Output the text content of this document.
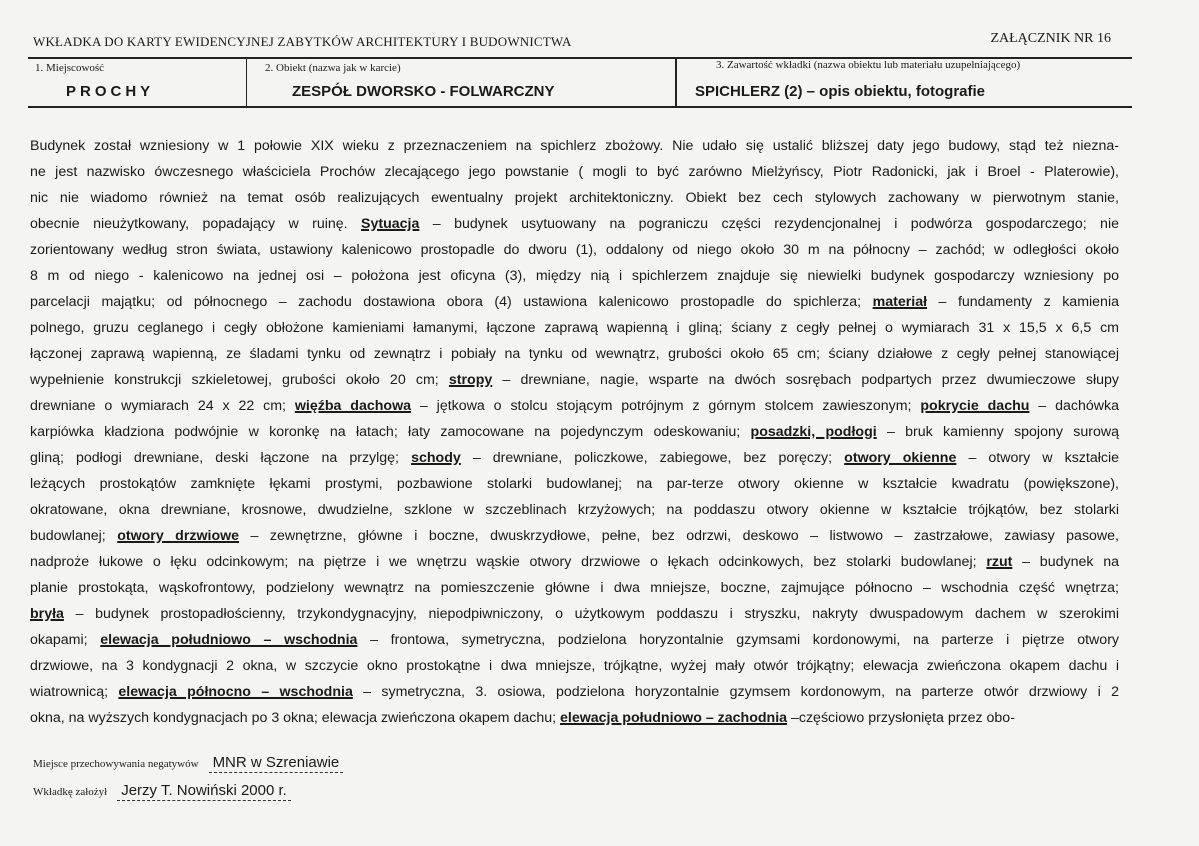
WKŁADKA DO KARTY EWIDENCYJNEJ ZABYTKÓW ARCHITEKTURY I BUDOWNICTWA	ZAŁĄCZNIK NR 16
1. Miejscowość
PROCHY
2. Obiekt (nazwa jak w karcie)
ZESPÓŁ DWORSKO - FOLWARCZNY
3. Zawartość wkładki (nazwa obiektu lub materiału uzupełniającego)
SPICHLERZ (2) – opis obiektu, fotografie
Budynek został wzniesiony w 1 połowie XIX wieku z przeznaczeniem na spichlerz zbożowy. Nie udało się ustalić bliższej daty jego budowy, stąd też niezna-
ne jest nazwisko ówczesnego właściciela Prochów zlecającego jego powstanie ( mogli to być zarówno Mielżyńscy, Piotr Radonicki, jak i Broel - Platerowie),
nic nie wiadomo również na temat osób realizujących ewentualny projekt architektoniczny. Obiekt bez cech stylowych zachowany w pierwotnym stanie,
obecnie nieużytkowany, popadający w ruinę. Sytuacja – budynek usytuowany na pograniczu części rezydencjonalnej i podwórza gospodarczego; nie
zorientowany według stron świata, ustawiony kalenicowo prostopadle do dworu (1), oddalony od niego około 30 m na północny – zachód; w odległości około
8 m od niego - kalenicowo na jednej osi – położona jest oficyna (3), między nią i spichlerzem znajduje się niewielki budynek gospodarczy wzniesiony po
parcelacji majątku; od północnego – zachodu dostawiona obora (4) ustawiona kalenicowo prostopadle do spichlerza; materiał – fundamenty z kamienia
polnego, gruzu ceglanego i cegły obłożone kamieniami łamanymi, łączone zaprawą wapienną i gliną; ściany z cegły pełnej o wymiarach 31 x 15,5 x 6,5 cm
łączonej zaprawą wapienną, ze śladami tynku od zewnątrz i pobiały na tynku od wewnątrz, grubości około 65 cm; ściany działowe z cegły pełnej stanowiącej
wypełnienie konstrukcji szkieletowej, grubości około 20 cm; stropy – drewniane, nagie, wsparte na dwóch sosrębach podpartych przez dwumieczowe słupy
drewniane o wymiarach 24 x 22 cm; więźba dachowa – jętkowa o stolcu stojącym potrójnym z górnym stolcem zawieszonym; pokrycie dachu – dachówka
karpiówka kładziona podwójnie w koronkę na łatach; łaty zamocowane na pojedynczym odeskowaniu; posadzki, podłogi – bruk kamienny spojony surową
gliną; podłogi drewniane, deski łączone na przylgę; schody – drewniane, policzkowe, zabiegowe, bez poręczy; otwory okienne – otwory w kształcie
leżących prostokątów zamknięte łękami prostymi, pozbawione stolarki budowlanej; na par-terze otwory okienne w kształcie kwadratu (powiększone),
okratowane, okna drewniane, krosnowe, dwudzielne, szklone w szczeblinach krzyżowych; na poddaszu otwory okienne w kształcie trójkątów, bez stolarki
budowlanej; otwory drzwiowe – zewnętrzne, główne i boczne, dwuskrzydłowe, pełne, bez odrzwi, deskowo – listwowo – zastrzałowe, zawiasy pasowe,
nadproże łukowe o łęku odcinkowym; na piętrze i we wnętrzu wąskie otwory drzwiowe o łękach odcinkowych, bez stolarki budowlanej; rzut – budynek na
planie prostokąta, wąskofrontowy, podzielony wewnątrz na pomieszczenie główne i dwa mniejsze, boczne, zajmujące północno – wschodnia część wnętrza;
bryła – budynek prostopadłościenny, trzykondygnacyjny, niepodpiwniczony, o użytkowym poddaszu i stryszku, nakryty dwuspadowym dachem w szerokimi
okapami; elewacja południowo – wschodnia – frontowa, symetryczna, podzielona horyzontalnie gzymsami kordonowymi, na parterze i piętrze otwory
drzwiowe, na 3 kondygnacji 2 okna, w szczycie okno prostokątne i dwa mniejsze, trójkątne, wyżej mały otwór trójkątny; elewacja zwieńczona okapem dachu i
wiatrownicą; elewacja północno – wschodnia – symetryczna, 3. osiowa, podzielona horyzontalnie gzymsem kordonowym, na parterze otwór drzwiowy i 2
okna, na wyższych kondygnacjach po 3 okna; elewacja zwieńczona okapem dachu; elewacja południowo – zachodnia –częściowo przysłonięta przez obo-
Miejsce przechowywania negatywów MNR w Szreniawie
Wkładkę założył Jerzy T. Nowiński 2000 r.
